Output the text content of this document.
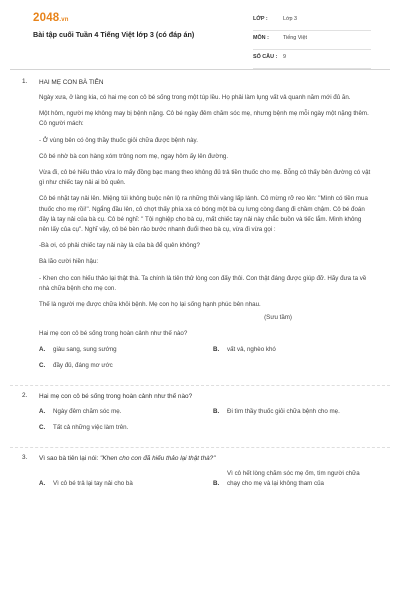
2048.vn
Bài tập cuối Tuần 4 Tiếng Việt lớp 3 (có đáp án)
LỚP :	Lớp 3
MÔN :	Tiếng Việt
SỐ CÂU : 9
1. HAI MẸ CON BÀ TIÊN
Ngày xưa, ở làng kia, có hai mẹ con cô bé sống trong một túp lều. Họ phải làm lụng vất vả quanh năm mới đủ ăn.
Một hôm, người mẹ không may bị bệnh nặng. Cô bé ngày đêm chăm sóc mẹ, nhưng bệnh mẹ mỗi ngày một nặng thêm. Cô người mách:
- Ở vùng bên có ông thầy thuốc giỏi chữa được bệnh này.
Cô bé nhờ bà con hàng xóm trông nom mẹ, ngay hôm ấy lên đường.
Vừa đi, cô bé hiếu thảo vừa lo mấy đồng bạc mang theo không đủ trả tiền thuốc cho mẹ. Bỗng cô thấy bên đường có vật gì như chiếc tay nải ai bỏ quên.
Cô bé nhặt tay nải lên. Miệng túi không buộc nên lộ ra những thỏi vàng lấp lánh. Cô mừng rỡ reo lên: "Mình có tiền mua thuốc cho mẹ rồi!". Ngẩng đầu lên, cô chợt thấy phía xa có bóng một bà cụ lưng còng đang đi chầm chậm. Cô bé đoán đây là tay nải của bà cụ. Cô bé nghĩ: " Tội nghiệp cho bà cụ, mất chiếc tay nải này chắc buồn và tiếc lắm. Mình không nên lấy của cụ". Nghĩ vậy, cô bé bèn rảo bước nhanh đuổi theo bà cụ, vừa đi vừa gọi :
-Bà ơi, có phải chiếc tay nải này là của bà để quên không?
Bà lão cười hiền hậu:
- Khen cho con hiếu thảo lại thật thà. Ta chính là tiên thử lòng con đấy thôi. Con thật đáng được giúp đỡ. Hãy đưa ta về nhà chữa bệnh cho mẹ con.
Thế là người mẹ được chữa khỏi bệnh. Mẹ con họ lại sống hạnh phúc bên nhau.
(Sưu tầm)
Hai mẹ con cô bé sống trong hoàn cảnh như thế nào?
A. giàu sang, sung sướng	B. vất vả, nghèo khó
C. đầy đủ, đáng mơ ước
2. Hai mẹ con cô bé sống trong hoàn cảnh như thế nào?
A. Ngày đêm chăm sóc mẹ.	B. Đi tìm thầy thuốc giỏi chữa bệnh cho mẹ.
C. Tất cả những việc làm trên.
3. Vì sao bà tiên lại nói: "Khen cho con đã hiếu thảo lại thật thà?"
A. Vì cô bé trả lại tay nải cho bà	B.
Vì cô hết lòng chăm sóc mẹ ốm, tìm người chữa chạy cho mẹ và lại không tham của
